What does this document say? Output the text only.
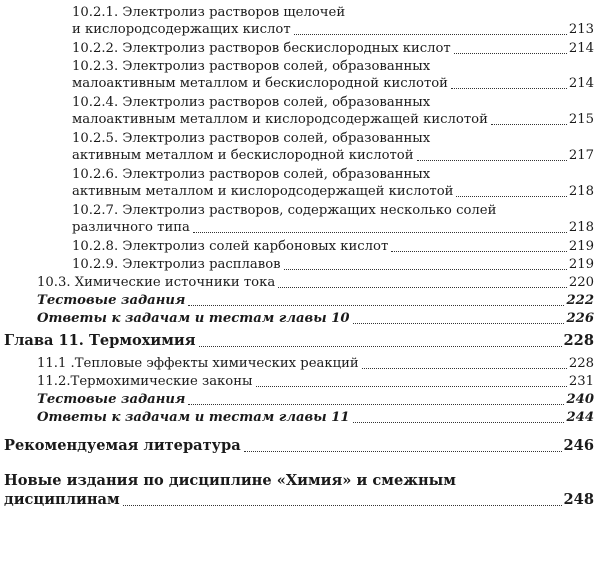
10.2.1. Электролиз растворов щелочей
и кислородсодержащих кислот	213
10.2.2. Электролиз растворов бескислородных кислот	214
10.2.3. Электролиз растворов солей, образованных
малоактивным металлом и бескислородной кислотой	214
10.2.4. Электролиз растворов солей, образованных
малоактивным металлом и кислородсодержащей кислотой	215
10.2.5. Электролиз растворов солей, образованных
активным металлом и бескислородной кислотой	217
10.2.6. Электролиз растворов солей, образованных
активным металлом и кислородсодержащей кислотой	218
10.2.7. Электролиз растворов, содержащих несколько солей
различного типа	218
10.2.8. Электролиз солей карбоновых кислот	219
10.2.9. Электролиз расплавов	219
10.3. Химические источники тока	220
Тестовые задания	222
Ответы к задачам и тестам главы 10	226
Глава 11. Термохимия	228
11.1 .Тепловые эффекты химических реакций	228
11.2.Термохимические законы	231
Тестовые задания	240
Ответы к задачам и тестам главы 11	244
Рекомендуемая литература	246
Новые издания по дисциплине «Химия» и смежным
дисциплинам	248
